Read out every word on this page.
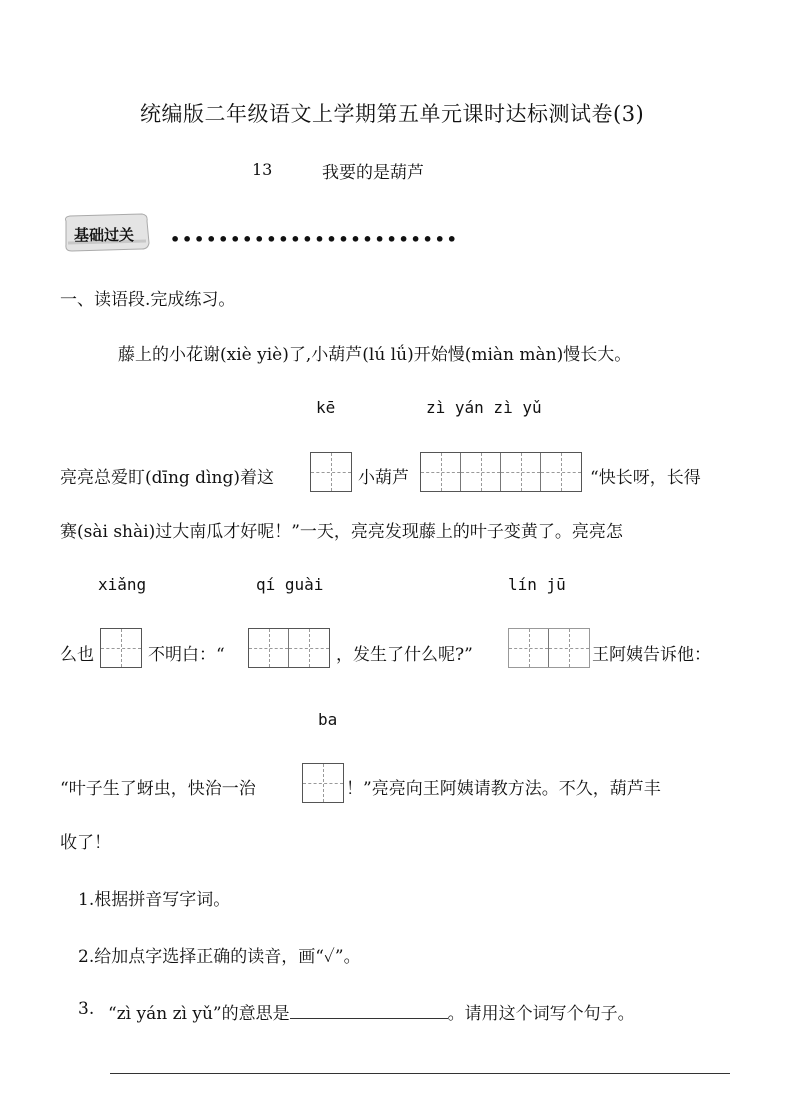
统编版二年级语文上学期第五单元课时达标测试卷(3)
13	我要的是葫芦
基础过关 ••••••••••••••••••••••••
一、读语段.完成练习。
藤上的小花谢(xiè yiè)了,小葫芦(lú lǘ)开始慢(miàn màn)慢长大。
kē	zì yán zì yǔ
亮亮总爱盯(dīng dìng)着这	小葫芦	“快长呀，长得
赛(sài shài)过大南瓜才好呢！”一天，亮亮发现藤上的叶子变黄了。亮亮怎
xiǎng	qí guài	lín jū
么也	不明白：“	，发生了什么呢?”	王阿姨告诉他：
ba
“叶子生了蚜虫，快治一治	！”亮亮向王阿姨请教方法。不久，葫芦丰
收了！
1.根据拼音写字词。
2.给加点字选择正确的读音，画“✓”。
3. “zì yán zì yǔ”的意思是	。请用这个词写个句子。
